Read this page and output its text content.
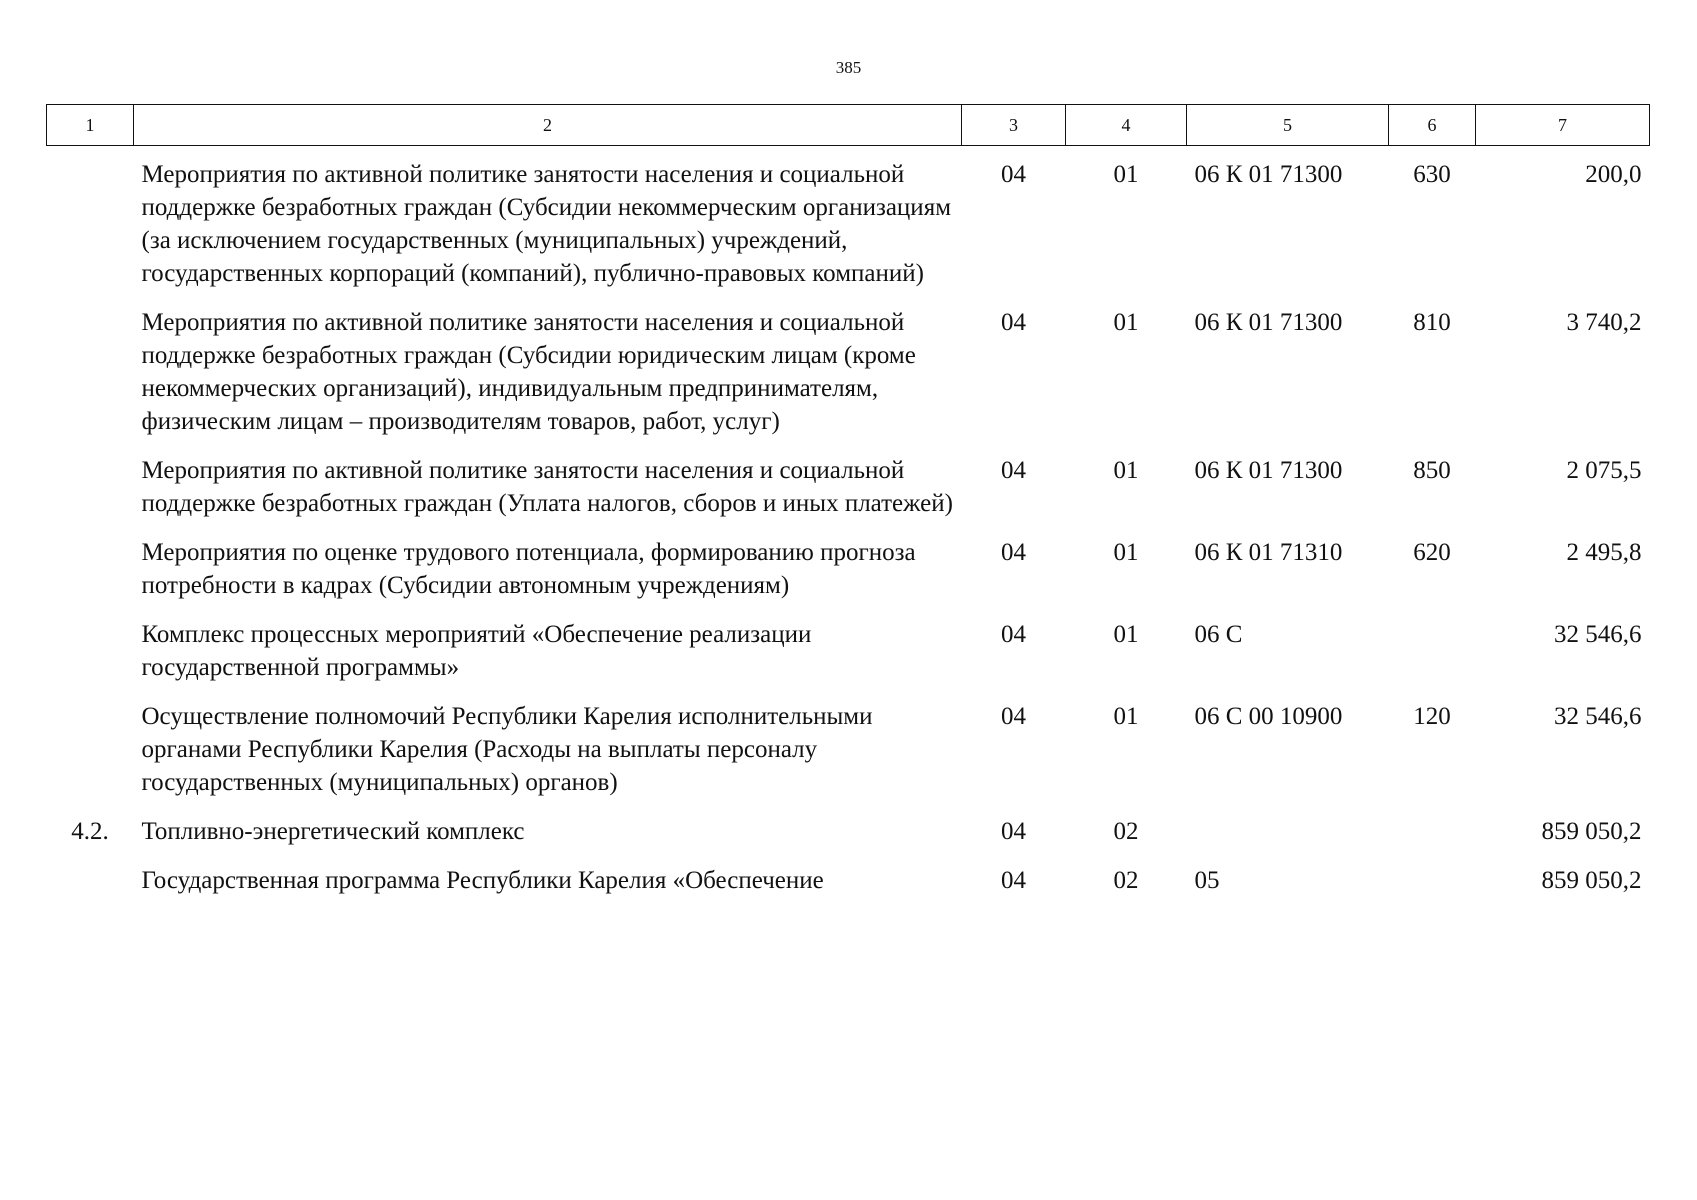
385
1	2	3	4	5	6	7
	Мероприятия по активной политике занятости населения и социальной поддержке безработных граждан (Субсидии некоммерческим организациям (за исключением государственных (муниципальных) учреждений, государственных корпораций (компаний), публично-правовых компаний)	04	01	06 К 01 71300	630	200,0
	Мероприятия по активной политике занятости населения и социальной поддержке безработных граждан (Субсидии юридическим лицам (кроме некоммерческих организаций), индивидуальным предпринимателям, физическим лицам – производителям товаров, работ, услуг)	04	01	06 К 01 71300	810	3 740,2
	Мероприятия по активной политике занятости населения и социальной поддержке безработных граждан (Уплата налогов, сборов и иных платежей)	04	01	06 К 01 71300	850	2 075,5
	Мероприятия по оценке трудового потенциала, формированию прогноза потребности в кадрах (Субсидии автономным учреждениям)	04	01	06 К 01 71310	620	2 495,8
	Комплекс процессных мероприятий «Обеспечение реализации государственной программы»	04	01	06 С		32 546,6
	Осуществление полномочий Республики Карелия исполнительными органами Республики Карелия (Расходы на выплаты персоналу государственных (муниципальных) органов)	04	01	06 С 00 10900	120	32 546,6
4.2.	Топливно-энергетический комплекс	04	02			859 050,2
	Государственная программа Республики Карелия «Обеспечение	04	02	05		859 050,2
